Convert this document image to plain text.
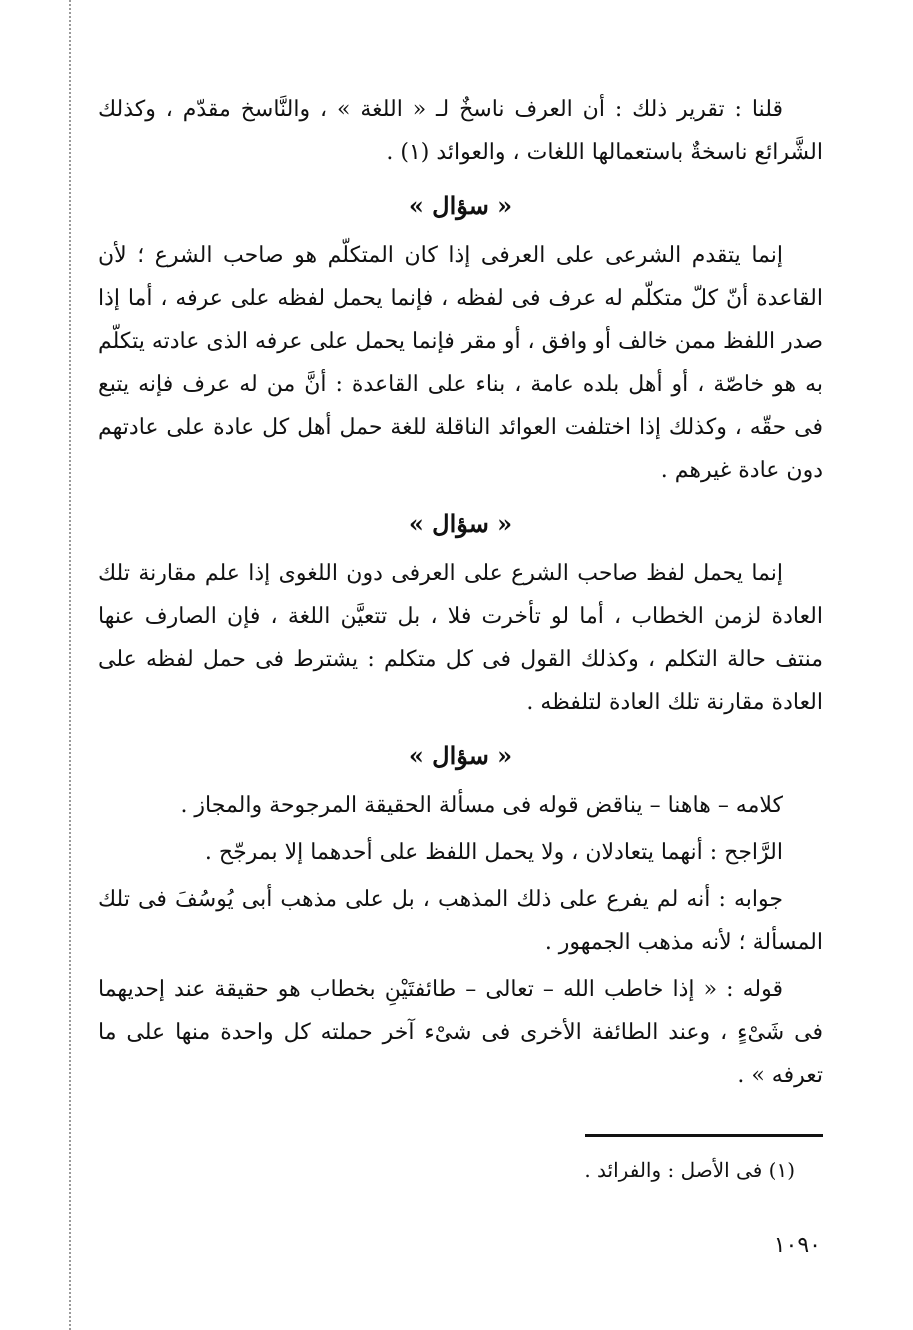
قلنا : تقرير ذلك : أن العرف ناسخٌ لـ « اللغة » ، والنَّاسخ مقدّم ، وكذلك الشَّرائع ناسخةٌ باستعمالها اللغات ، والعوائد (١) .

« سؤال »

إنما يتقدم الشرعى على العرفى إذا كان المتكلّم هو صاحب الشرع ؛ لأن القاعدة أنّ كلّ متكلّم له عرف فى لفظه ، فإنما يحمل لفظه على عرفه ، أما إذا صدر اللفظ ممن خالف أو وافق ، أو مقر فإنما يحمل على عرفه الذى عادته يتكلّم به هو خاصّة ، أو أهل بلده عامة ، بناء على القاعدة : أنَّ من له عرف فإنه يتبع فى حقّه ، وكذلك إذا اختلفت العوائد الناقلة للغة حمل أهل كل عادة على عادتهم دون عادة غيرهم .

« سؤال »

إنما يحمل لفظ صاحب الشرع على العرفى دون اللغوى إذا علم مقارنة تلك العادة لزمن الخطاب ، أما لو تأخرت فلا ، بل تتعيَّن اللغة ، فإن الصارف عنها منتف حالة التكلم ، وكذلك القول فى كل متكلم : يشترط فى حمل لفظه على العادة مقارنة تلك العادة لتلفظه .

« سؤال »

كلامه – هاهنا – يناقض قوله فى مسألة الحقيقة المرجوحة والمجاز .

الرَّاجح : أنهما يتعادلان ، ولا يحمل اللفظ على أحدهما إلا بمرجّح .

جوابه : أنه لم يفرع على ذلك المذهب ، بل على مذهب أبى يُوسُفَ فى تلك المسألة ؛ لأنه مذهب الجمهور .

قوله : « إذا خاطب الله – تعالى – طائفتَيْنِ بخطاب هو حقيقة عند إحديهما فى شَىْءٍ ، وعند الطائفة الأخرى فى شىْء آخر حملته كل واحدة منها على ما تعرفه » .

(١) فى الأصل : والفرائد .
١٠٩٠
